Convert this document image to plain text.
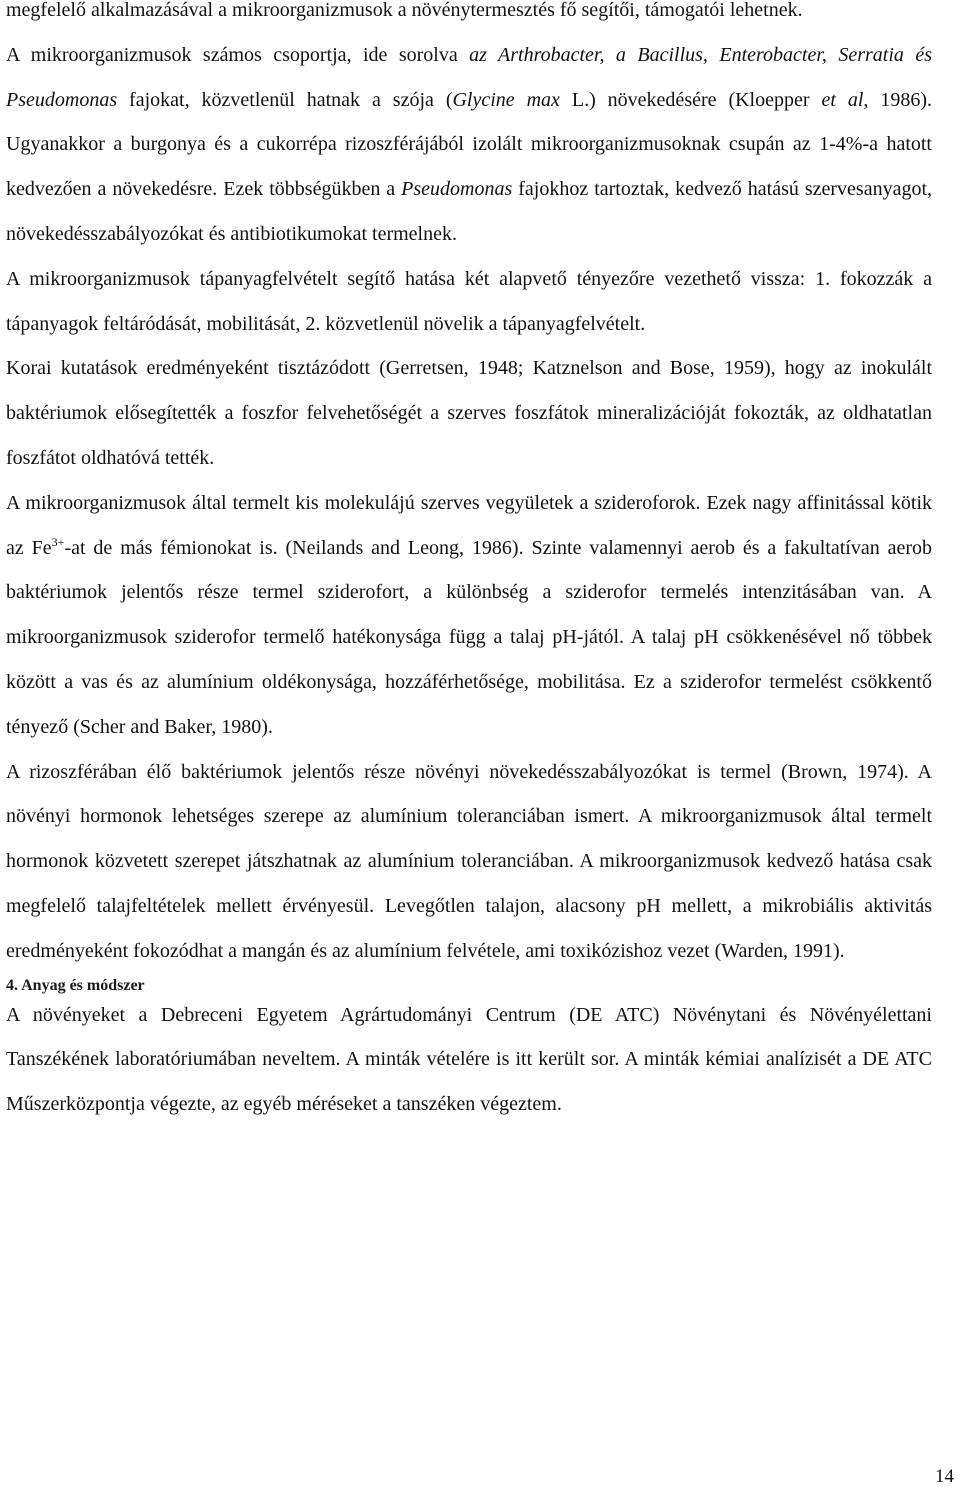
megfelelő alkalmazásával a mikroorganizmusok a növénytermesztés fő segítői, támogatói lehetnek.

A mikroorganizmusok számos csoportja, ide sorolva az Arthrobacter, a Bacillus, Enterobacter, Serratia és Pseudomonas fajokat, közvetlenül hatnak a szója (Glycine max L.) növekedésére (Kloepper et al, 1986). Ugyanakkor a burgonya és a cukorrépa rizoszférájából izolált mikroorganizmusoknak csupán az 1-4%-a hatott kedvezően a növekedésre. Ezek többségükben a Pseudomonas fajokhoz tartoztak, kedvező hatású szervesanyagot, növekedésszabályozókat és antibiotikumokat termelnek.

A mikroorganizmusok tápanyagfelvételt segítő hatása két alapvető tényezőre vezethető vissza: 1. fokozzák a tápanyagok feltáródását, mobilitását, 2. közvetlenül növelik a tápanyagfelvételt.

Korai kutatások eredményeként tisztázódott (Gerretsen, 1948; Katznelson and Bose, 1959), hogy az inokulált baktériumok elősegítették a foszfor felvehetőségét a szerves foszfátok mineralizációját fokozták, az oldhatatlan foszfátot oldhatóvá tették.

A mikroorganizmusok által termelt kis molekulájú szerves vegyületek a szideroforok. Ezek nagy affinitással kötik az $Fe^{3+}-at$ de más fémionokat is. (Neilands and Leong, 1986). Szinte valamennyi aerob és a fakultatívan aerob baktériumok jelentős része termel sziderofort, a különbség a sziderofor termelés intenzitásában van. A mikroorganizmusok sziderofor termelő hatékonysága függ a talaj pH-jától. A talaj pH csökkenésével nő többek között a vas és az alumínium oldékonysága, hozzáférhetősége, mobilitása. Ez a sziderofor termelést csökkentő tényező (Scher and Baker, 1980).

A rizoszférában élő baktériumok jelentős része növényi növekedésszabályozókat is termel (Brown, 1974). A növényi hormonok lehetséges szerepe az alumínium toleranciában ismert. A mikroorganizmusok által termelt hormonok közvetett szerepet játszhatnak az alumínium toleranciában. A mikroorganizmusok kedvező hatása csak megfelelő talajfeltételek mellett érvényesül. Levegőtlen talajon, alacsony pH mellett, a mikrobiális aktivitás eredményeként fokozódhat a mangán és az alumínium felvétele, ami toxikózishoz vezet (Warden, 1991).

4. Anyag és módszer

A növényeket a Debreceni Egyetem Agrártudományi Centrum (DE ATC) Növénytani és Növényélettani Tanszékének laboratóriumában neveltem. A minták vételére is itt került sor. A minták kémiai analízisét a DE ATC Műszerközpontja végezte, az egyéb méréseket a tanszéken végeztem.

14
